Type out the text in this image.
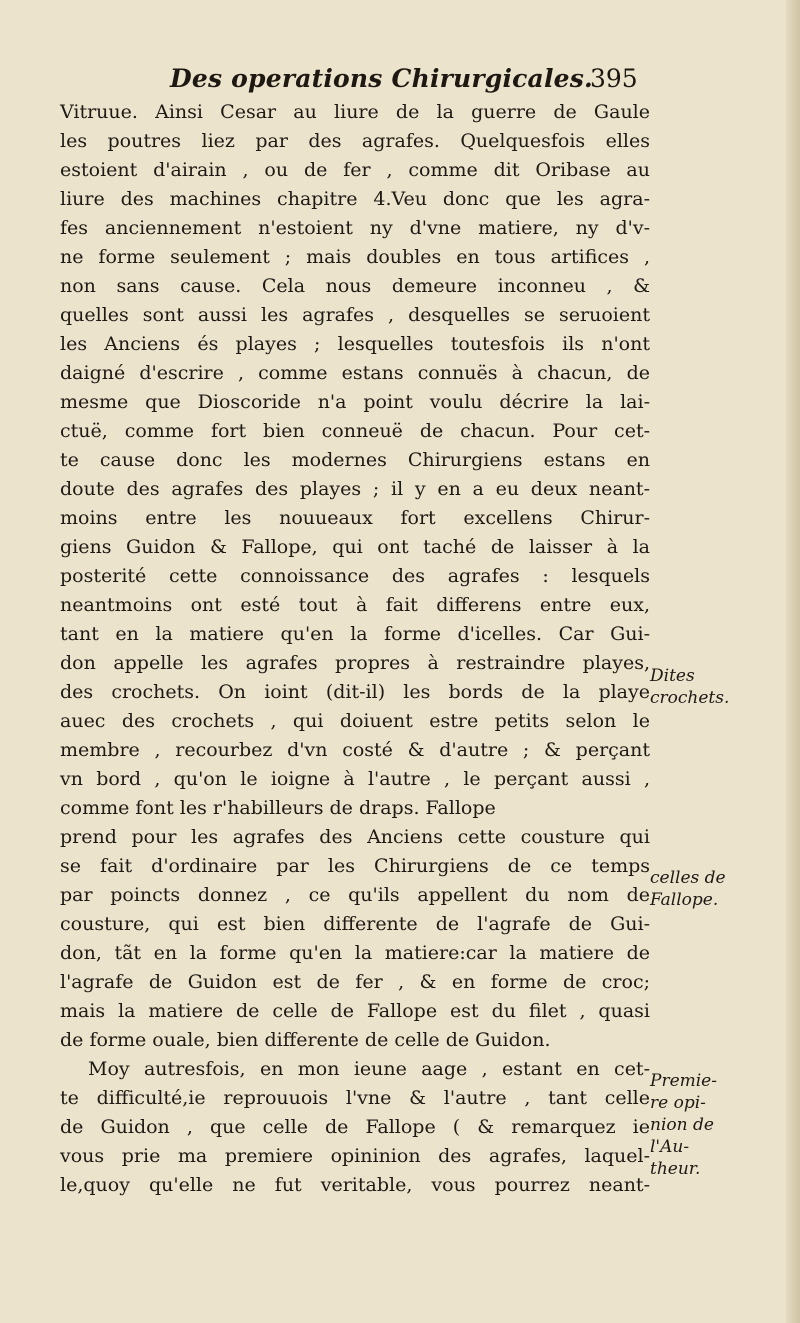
Des operations Chirurgicales.
395
Vitruue. Ainsi Cesar au liure de la guerre de Gaule
les poutres liez par des agrafes. Quelquesfois elles
estoient d'airain , ou de fer , comme dit Oribase au
liure des machines chapitre 4.Veu donc que les agra-
fes anciennement n'estoient ny d'vne matiere, ny d'v-
ne forme seulement ; mais doubles en tous artifices ,
non sans cause. Cela nous demeure inconneu , &
quelles sont aussi les agrafes , desquelles se seruoient
les Anciens és playes ; lesquelles toutesfois ils n'ont
daigné d'escrire , comme estans connuës à chacun, de
mesme que Dioscoride n'a point voulu décrire la lai-
ctuë, comme fort bien conneuë de chacun. Pour cet-
te cause donc les modernes Chirurgiens estans en
doute des agrafes des playes ; il y en a eu deux neant-
moins entre les nouueaux fort excellens Chirur-
giens Guidon & Fallope, qui ont taché de laisser à la
posterité cette connoissance des agrafes : lesquels
neantmoins ont esté tout à fait differens entre eux,
tant en la matiere qu'en la forme d'icelles. Car Gui-
don appelle les agrafes propres à restraindre playes,
des crochets. On ioint (dit-il) les bords de la playe
auec des crochets , qui doiuent estre petits selon le
membre , recourbez d'vn costé & d'autre ; & perçant
vn bord , qu'on le ioigne à l'autre , le perçant aussi ,
comme font les r'habilleurs de draps. Fallope
prend pour les agrafes des Anciens cette cousture qui
se fait d'ordinaire par les Chirurgiens de ce temps
par poincts donnez , ce qu'ils appellent du nom de
cousture, qui est bien differente de l'agrafe de Gui-
don, tãt en la forme qu'en la matiere:car la matiere de
l'agrafe de Guidon est de fer , & en forme de croc;
mais la matiere de celle de Fallope est du filet , quasi
de forme ouale, bien differente de celle de Guidon.
Moy autresfois, en mon ieune aage , estant en cet-
te difficulté,ie reprouuois l'vne & l'autre , tant celle
de Guidon , que celle de Fallope ( & remarquez ie
vous prie ma premiere opininion des agrafes, laquel-
le,quoy qu'elle ne fut veritable, vous pourrez neant-
Dites
crochets.
celles de
Fallope.
Premie-
re opi-
nion de
l'Au-
theur.
